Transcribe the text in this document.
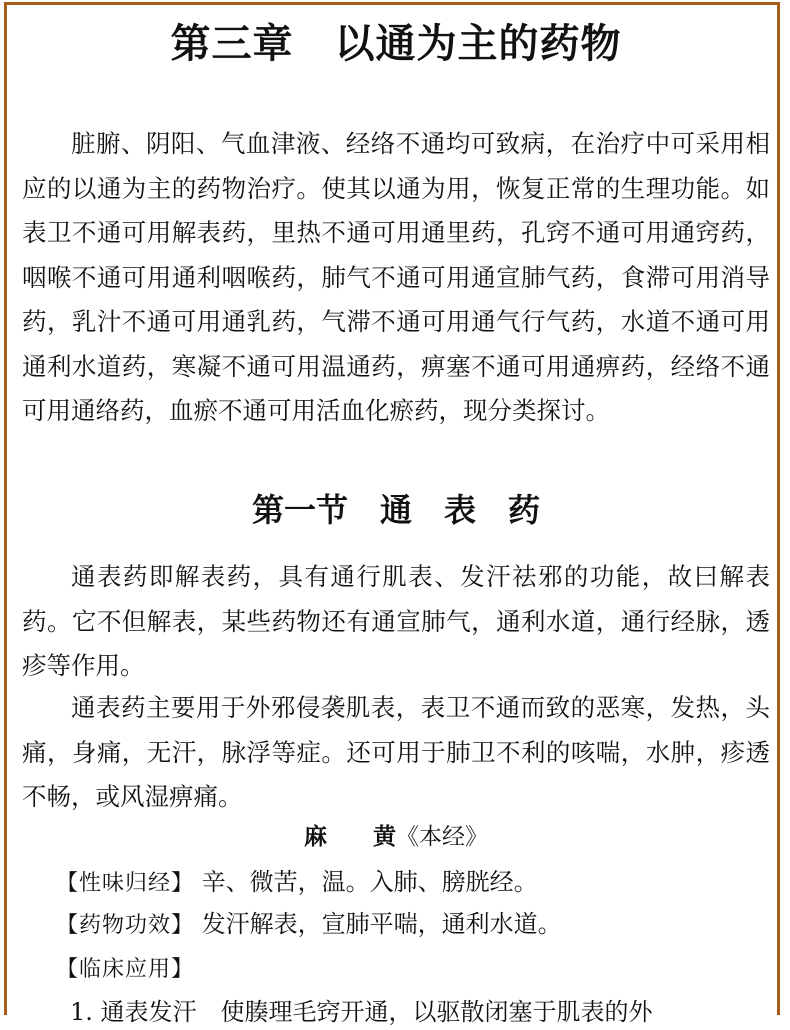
第三章　以通为主的药物

脏腑、阴阳、气血津液、经络不通均可致病，在治疗中可采用相应的以通为主的药物治疗。使其以通为用，恢复正常的生理功能。如表卫不通可用解表药，里热不通可用通里药，孔窍不通可用通窍药，咽喉不通可用通利咽喉药，肺气不通可用通宣肺气药，食滞可用消导药，乳汁不通可用通乳药，气滞不通可用通气行气药，水道不通可用通利水道药，寒凝不通可用温通药，痹塞不通可用通痹药，经络不通可用通络药，血瘀不通可用活血化瘀药，现分类探讨。

第一节　通　表　药

通表药即解表药，具有通行肌表、发汗祛邪的功能，故曰解表药。它不但解表，某些药物还有通宣肺气，通利水道，通行经脉，透疹等作用。

通表药主要用于外邪侵袭肌表，表卫不通而致的恶寒，发热，头痛，身痛，无汗，脉浮等症。还可用于肺卫不利的咳喘，水肿，疹透不畅，或风湿痹痛。

麻　　黄《本经》
【性味归经】 辛、微苦，温。入肺、膀胱经。
【药物功效】 发汗解表，宣肺平喘，通利水道。
【临床应用】
1. 通表发汗　使腠理毛窍开通，以驱散闭塞于肌表的外
